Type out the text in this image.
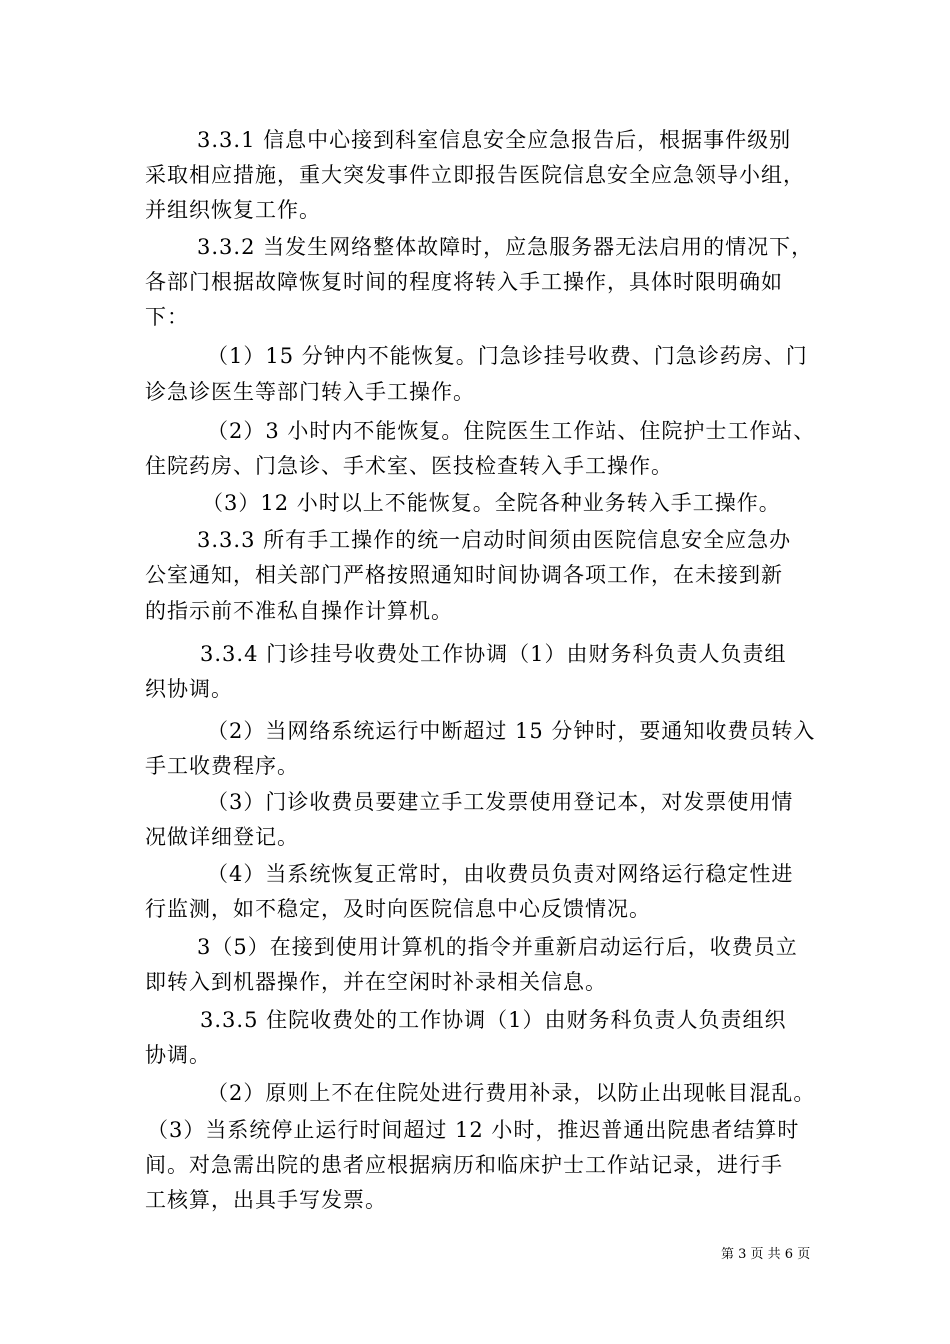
3.3.1 信息中心接到科室信息安全应急报告后，根据事件级别
采取相应措施，重大突发事件立即报告医院信息安全应急领导小组，
并组织恢复工作。
3.3.2 当发生网络整体故障时，应急服务器无法启用的情况下，
各部门根据故障恢复时间的程度将转入手工操作，具体时限明确如
下：
（1）15 分钟内不能恢复。门急诊挂号收费、门急诊药房、门
诊急诊医生等部门转入手工操作。
（2）3 小时内不能恢复。住院医生工作站、住院护士工作站、
住院药房、门急诊、手术室、医技检查转入手工操作。
（3）12 小时以上不能恢复。全院各种业务转入手工操作。
3.3.3 所有手工操作的统一启动时间须由医院信息安全应急办
公室通知，相关部门严格按照通知时间协调各项工作，在未接到新
的指示前不准私自操作计算机。
3.3.4 门诊挂号收费处工作协调（1）由财务科负责人负责组
织协调。
（2）当网络系统运行中断超过 15 分钟时，要通知收费员转入
手工收费程序。
（3）门诊收费员要建立手工发票使用登记本，对发票使用情
况做详细登记。
（4）当系统恢复正常时，由收费员负责对网络运行稳定性进
行监测，如不稳定，及时向医院信息中心反馈情况。
3（5）在接到使用计算机的指令并重新启动运行后，收费员立
即转入到机器操作，并在空闲时补录相关信息。
3.3.5 住院收费处的工作协调（1）由财务科负责人负责组织
协调。
（2）原则上不在住院处进行费用补录，以防止出现帐目混乱。
（3）当系统停止运行时间超过 12 小时，推迟普通出院患者结算时
间。对急需出院的患者应根据病历和临床护士工作站记录，进行手
工核算，出具手写发票。
第 3 页 共 6 页
